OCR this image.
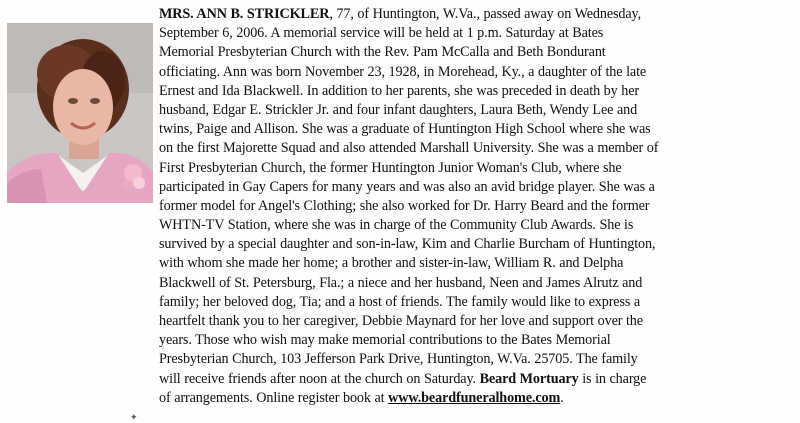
MRS. ANN B. STRICKLER, 77, of Huntington, W.Va., passed away on Wednesday,
September 6, 2006. A memorial service will be held at 1 p.m. Saturday at Bates
Memorial Presbyterian Church with the Rev. Pam McCalla and Beth Bondurant
officiating. Ann was born November 23, 1928, in Morehead, Ky., a daughter of the late
Ernest and Ida Blackwell. In addition to her parents, she was preceded in death by her
husband, Edgar E. Strickler Jr. and four infant daughters, Laura Beth, Wendy Lee and
twins, Paige and Allison. She was a graduate of Huntington High School where she was
on the first Majorette Squad and also attended Marshall University. She was a member of
First Presbyterian Church, the former Huntington Junior Woman's Club, where she
participated in Gay Capers for many years and was also an avid bridge player. She was a
former model for Angel's Clothing; she also worked for Dr. Harry Beard and the former
WHTN-TV Station, where she was in charge of the Community Club Awards. She is
survived by a special daughter and son-in-law, Kim and Charlie Burcham of Huntington,
with whom she made her home; a brother and sister-in-law, William R. and Delpha
Blackwell of St. Petersburg, Fla.; a niece and her husband, Neen and James Alrutz and
family; her beloved dog, Tia; and a host of friends. The family would like to express a
heartfelt thank you to her caregiver, Debbie Maynard for her love and support over the
years. Those who wish may make memorial contributions to the Bates Memorial
Presbyterian Church, 103 Jefferson Park Drive, Huntington, W.Va. 25705. The family
will receive friends after noon at the church on Saturday. Beard Mortuary is in charge
of arrangements. Online register book at www.beardfuneralhome.com.
✦
